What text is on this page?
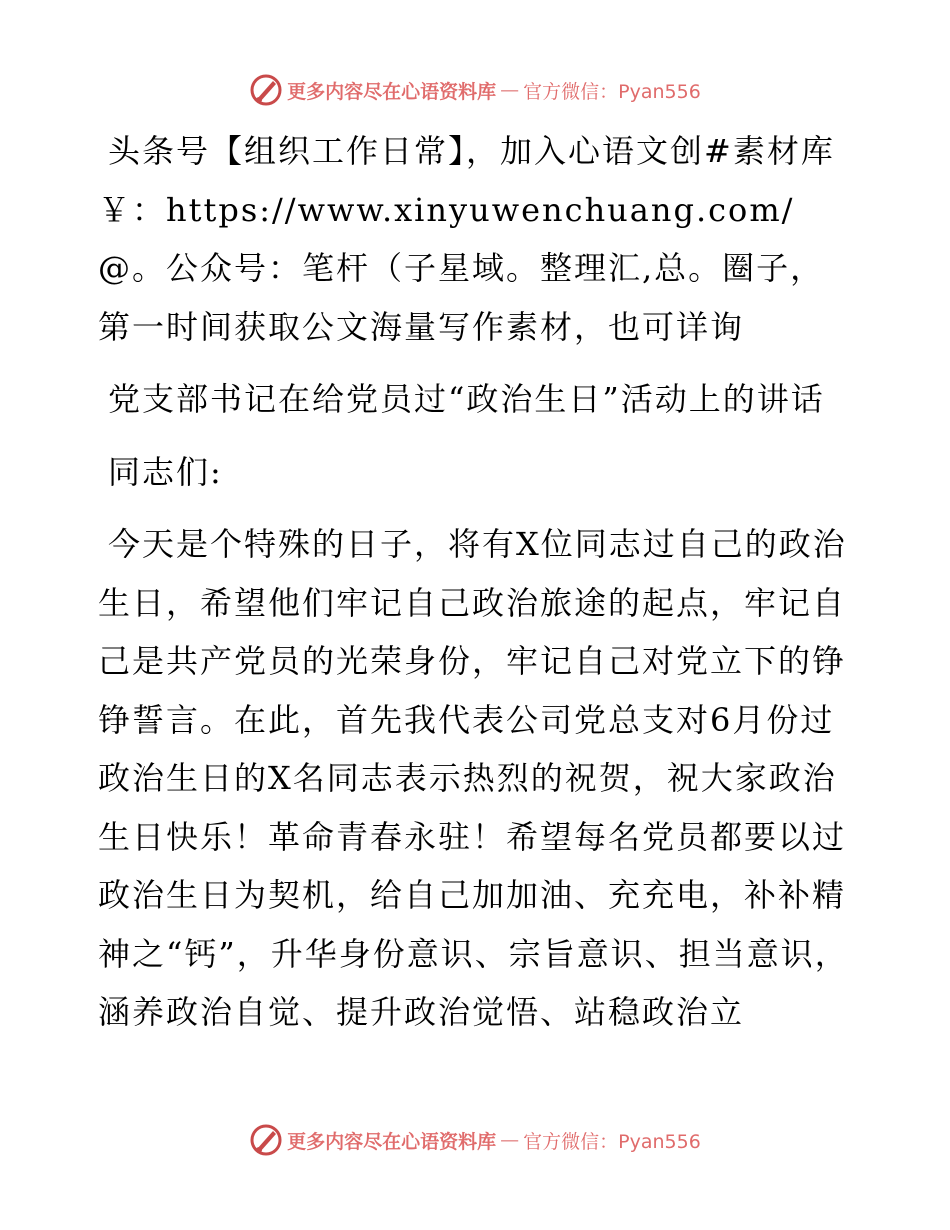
更多内容尽在心语资料库 — 官方微信：Pyan556

头条号【组织工作日常】，加入心语文创#素材库￥：https://www.xinyuwenchuang.com/@。公众号：笔杆（子星域。整理汇,总。圈子，第一时间获取公文海量写作素材，也可详询

党支部书记在给党员过“政治生日”活动上的讲话

同志们:

今天是个特殊的日子，将有X位同志过自己的政治生日，希望他们牢记自己政治旅途的起点，牢记自己是共产党员的光荣身份，牢记自己对党立下的铮铮誓言。在此，首先我代表公司党总支对6月份过政治生日的X名同志表示热烈的祝贺，祝大家政治生日快乐！革命青春永驻！希望每名党员都要以过政治生日为契机，给自己加加油、充充电，补补精神之“钙”，升华身份意识、宗旨意识、担当意识，涵养政治自觉、提升政治觉悟、站稳政治立

更多内容尽在心语资料库 — 官方微信：Pyan556
